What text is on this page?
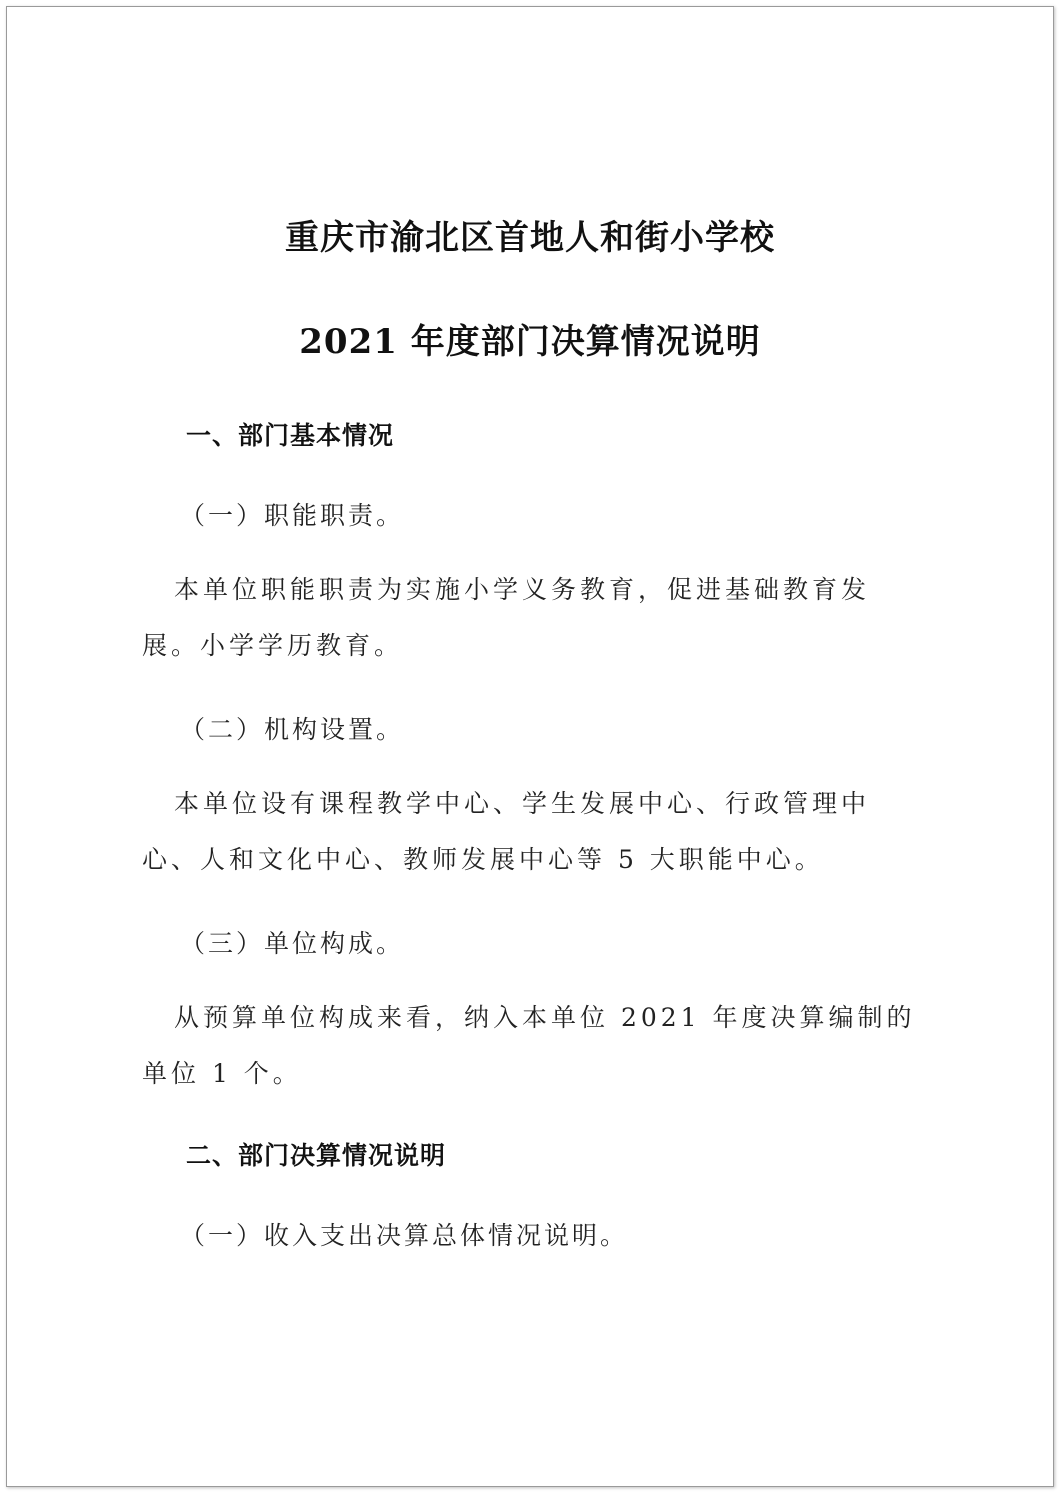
重庆市渝北区首地人和街小学校
2021 年度部门决算情况说明
一、部门基本情况
（一）职能职责。

本单位职能职责为实施小学义务教育，促进基础教育发展。小学学历教育。

（二）机构设置。

本单位设有课程教学中心、学生发展中心、行政管理中心、人和文化中心、教师发展中心等 5 大职能中心。

（三）单位构成。

从预算单位构成来看，纳入本单位 2021 年度决算编制的单位 1 个。

二、部门决算情况说明
（一）收入支出决算总体情况说明。
